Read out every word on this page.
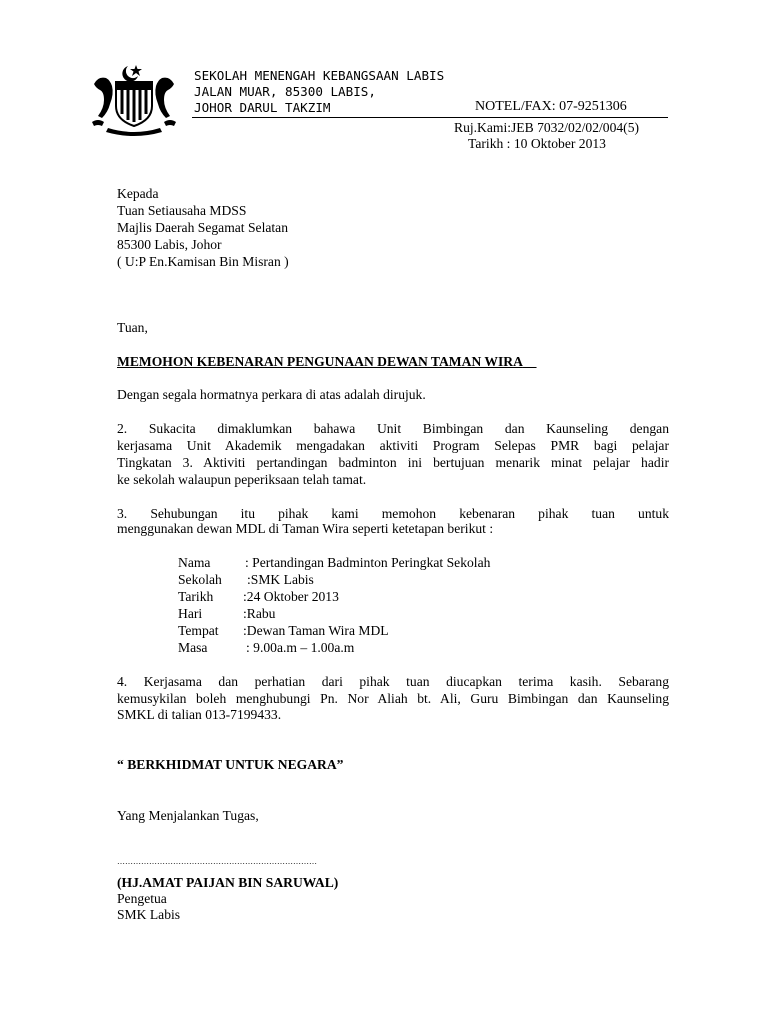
SEKOLAH MENENGAH KEBANGSAAN LABIS
JALAN MUAR, 85300 LABIS,
JOHOR DARUL TAKZIM	NOTEL/FAX: 07-9251306
Ruj.Kami:JEB 7032/02/02/004(5)
Tarikh : 10 Oktober 2013
Kepada
Tuan Setiausaha MDSS
Majlis Daerah Segamat Selatan
85300 Labis, Johor
( U:P En.Kamisan Bin Misran )
Tuan,
MEMOHON KEBENARAN PENGUNAAN DEWAN TAMAN WIRA
Dengan segala hormatnya perkara di atas adalah dirujuk.
2. Sukacita dimaklumkan bahawa Unit Bimbingan dan Kaunseling dengan
kerjasama Unit Akademik mengadakan aktiviti Program Selepas PMR bagi pelajar
Tingkatan 3. Aktiviti pertandingan badminton ini bertujuan menarik minat pelajar hadir
ke sekolah walaupun peperiksaan telah tamat.
3. Sehubungan itu pihak kami memohon kebenaran pihak tuan untuk
menggunakan dewan MDL di Taman Wira seperti ketetapan berikut :
Nama	: Pertandingan Badminton Peringkat Sekolah
Sekolah :SMK Labis
Tarikh :24 Oktober 2013
Hari	:Rabu
Tempat :Dewan Taman Wira MDL
Masa	: 9.00a.m – 1.00a.m
4. Kerjasama dan perhatian dari pihak tuan diucapkan terima kasih. Sebarang
kemusykilan boleh menghubungi Pn. Nor Aliah bt. Ali, Guru Bimbingan dan Kaunseling
SMKL di talian 013-7199433.
“ BERKHIDMAT UNTUK NEGARA”
Yang Menjalankan Tugas,
…………………………………………………………………
(HJ.AMAT PAIJAN BIN SARUWAL)
Pengetua
SMK Labis
